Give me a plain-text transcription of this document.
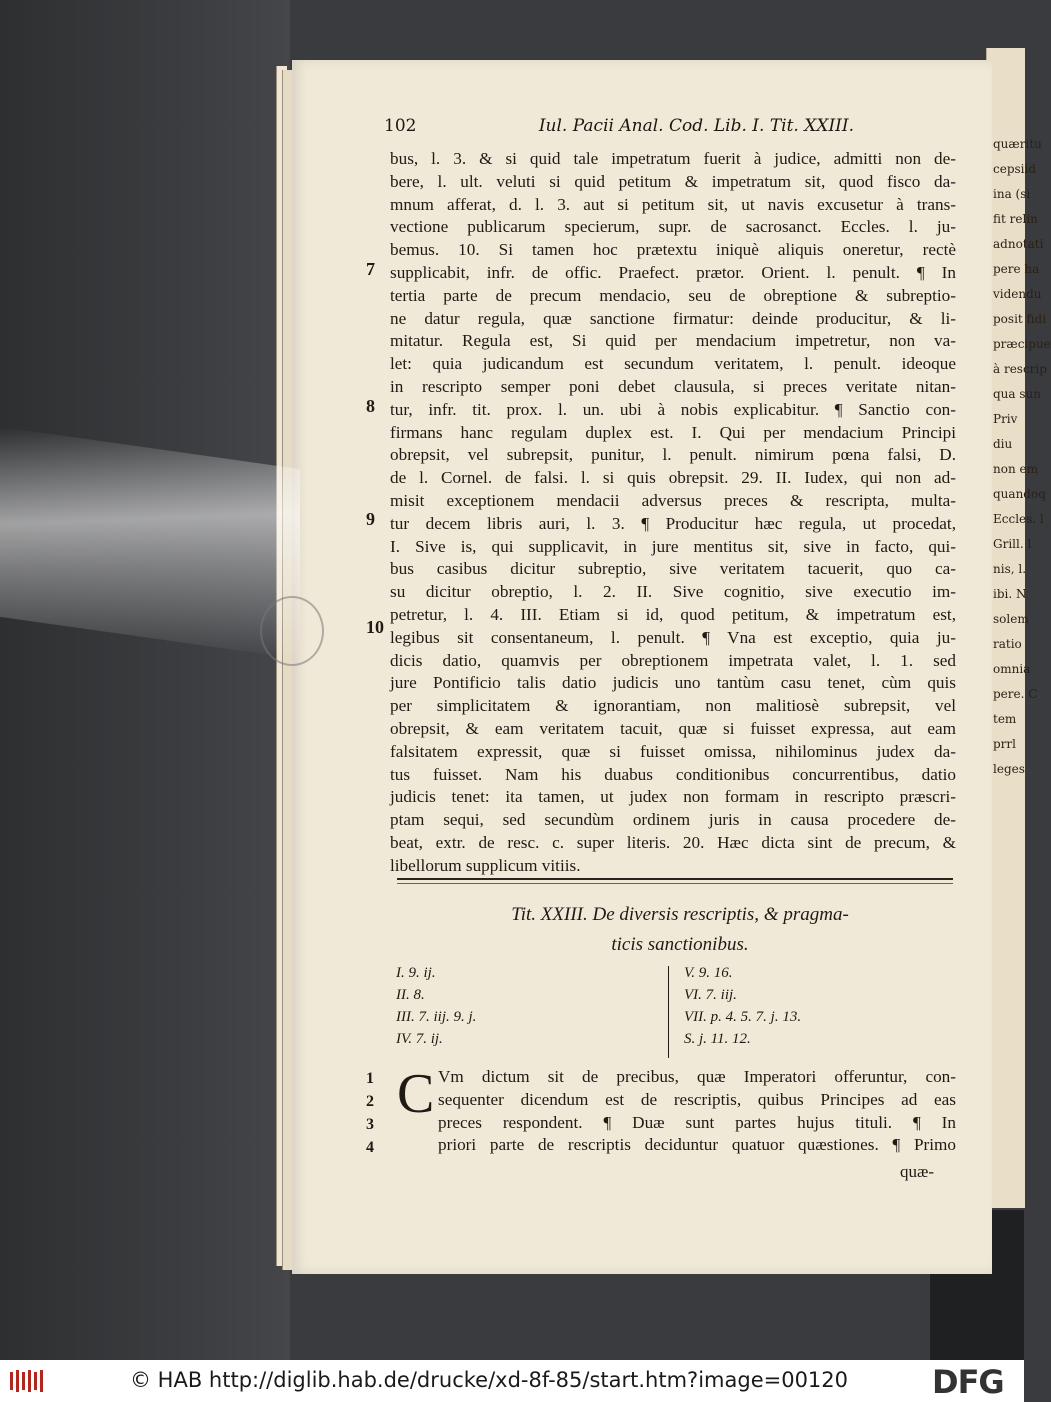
quæritu
cepsiid
ina (si
fit relin
adnotati
pere ha
videndu
posit fidi
præcipue
à rescrip
qua sun
Priv
diu
non em
quandoq
Eccles. l
Grill. l
nis, l.
ibi. N
solem
ratio
omnia
pere. C
tem
prrl
leges
102	Iul. Pacii Anal. Cod. Lib. I. Tit. XXIII.
bus, l. 3. & si quid tale impetratum fuerit à judice, admitti non de-
bere, l. ult. veluti si quid petitum & impetratum sit, quod fisco da-
mnum afferat, d. l. 3. aut si petitum sit, ut navis excusetur à trans-
vectione publicarum specierum, supr. de sacrosanct. Eccles. l. ju-
bemus. 10. Si tamen hoc prætextu iniquè aliquis oneretur, rectè
supplicabit, infr. de offic. Praefect. prætor. Orient. l. penult. ¶ In
tertia parte de precum mendacio, seu de obreptione & subreptio-
ne datur regula, quæ sanctione firmatur: deinde producitur, & li-
mitatur. Regula est, Si quid per mendacium impetretur, non va-
let: quia judicandum est secundum veritatem, l. penult. ideoque
in rescripto semper poni debet clausula, si preces veritate nitan-
tur, infr. tit. prox. l. un. ubi à nobis explicabitur. ¶ Sanctio con-
firmans hanc regulam duplex est. I. Qui per mendacium Principi
obrepsit, vel subrepsit, punitur, l. penult. nimirum pœna falsi, D.
de l. Cornel. de falsi. l. si quis obrepsit. 29. II. Iudex, qui non ad-
misit exceptionem mendacii adversus preces & rescripta, multa-
tur decem libris auri, l. 3. ¶ Producitur hæc regula, ut procedat,
I. Sive is, qui supplicavit, in jure mentitus sit, sive in facto, qui-
bus casibus dicitur subreptio, sive veritatem tacuerit, quo ca-
su dicitur obreptio, l. 2. II. Sive cognitio, sive executio im-
petretur, l. 4. III. Etiam si id, quod petitum, & impetratum est,
legibus sit consentaneum, l. penult. ¶ Vna est exceptio, quia ju-
dicis datio, quamvis per obreptionem impetrata valet, l. 1. sed
jure Pontificio talis datio judicis uno tantùm casu tenet, cùm quis
per simplicitatem & ignorantiam, non malitiosè subrepsit, vel
obrepsit, & eam veritatem tacuit, quæ si fuisset expressa, aut eam
falsitatem expressit, quæ si fuisset omissa, nihilominus judex da-
tus fuisset. Nam his duabus conditionibus concurrentibus, datio
judicis tenet: ita tamen, ut judex non formam in rescripto præscri-
ptam sequi, sed secundùm ordinem juris in causa procedere de-
beat, extr. de resc. c. super literis. 20. Hæc dicta sint de precum, &
libellorum supplicum vitiis.
7
8
9
10
Tit. XXIII. De diversis rescriptis, & pragma-
ticis sanctionibus.
I. 9. ij.
II. 8.
III. 7. iij. 9. j.
IV. 7. ij.
V. 9. 16.
VI. 7. iij.
VII. p. 4. 5. 7. j. 13.
S. j. 11. 12.
1
2
3
4
C Vm dictum sit de precibus, quæ Imperatori offeruntur, con-
sequenter dicendum est de rescriptis, quibus Principes ad eas
preces respondent. ¶ Duæ sunt partes hujus tituli. ¶ In
priori parte de rescriptis deciduntur quatuor quæstiones. ¶ Primo
quæ-
© HAB http://diglib.hab.de/drucke/xd-8f-85/start.htm?image=00120	DFG
